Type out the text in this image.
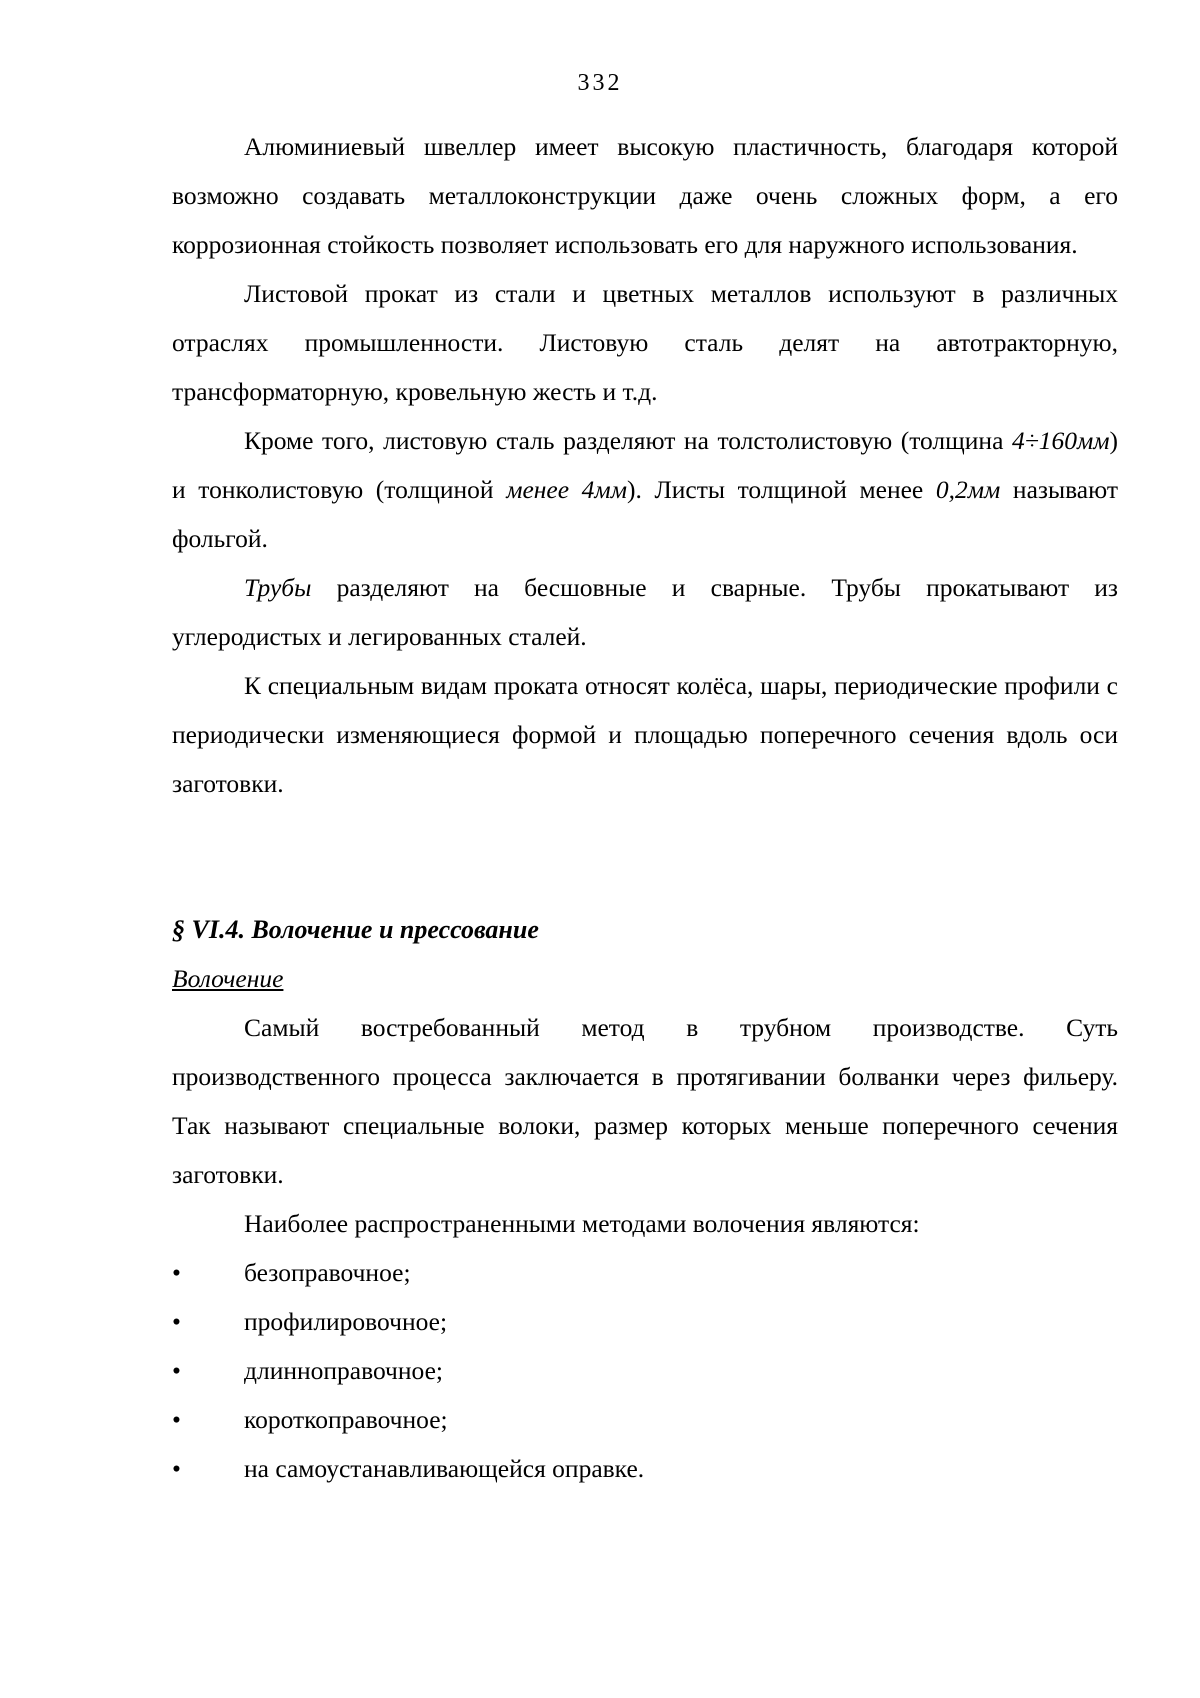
332

Алюминиевый швеллер имеет высокую пластичность, благодаря которой возможно создавать металлоконструкции даже очень сложных форм, а его коррозионная стойкость позволяет использовать его для наружного использования.

Листовой прокат из стали и цветных металлов используют в различных отраслях промышленности. Листовую сталь делят на автотракторную, трансформаторную, кровельную жесть и т.д.

Кроме того, листовую сталь разделяют на толстолистовую (толщина 4÷160мм) и тонколистовую (толщиной менее 4мм). Листы толщиной менее 0,2мм называют фольгой.

Трубы разделяют на бесшовные и сварные. Трубы прокатывают из углеродистых и легированных сталей.

К специальным видам проката относят колёса, шары, периодические профили с периодически изменяющиеся формой и площадью поперечного сечения вдоль оси заготовки.

§ VI.4. Волочение и прессование
Волочение

Самый востребованный метод в трубном производстве. Суть производственного процесса заключается в протягивании болванки через фильеру. Так называют специальные волоки, размер которых меньше поперечного сечения заготовки.

Наиболее распространенными методами волочения являются:

• безоправочное;
• профилировочное;
• длинноправочное;
• короткоправочное;
• на самоустанавливающейся оправке.
